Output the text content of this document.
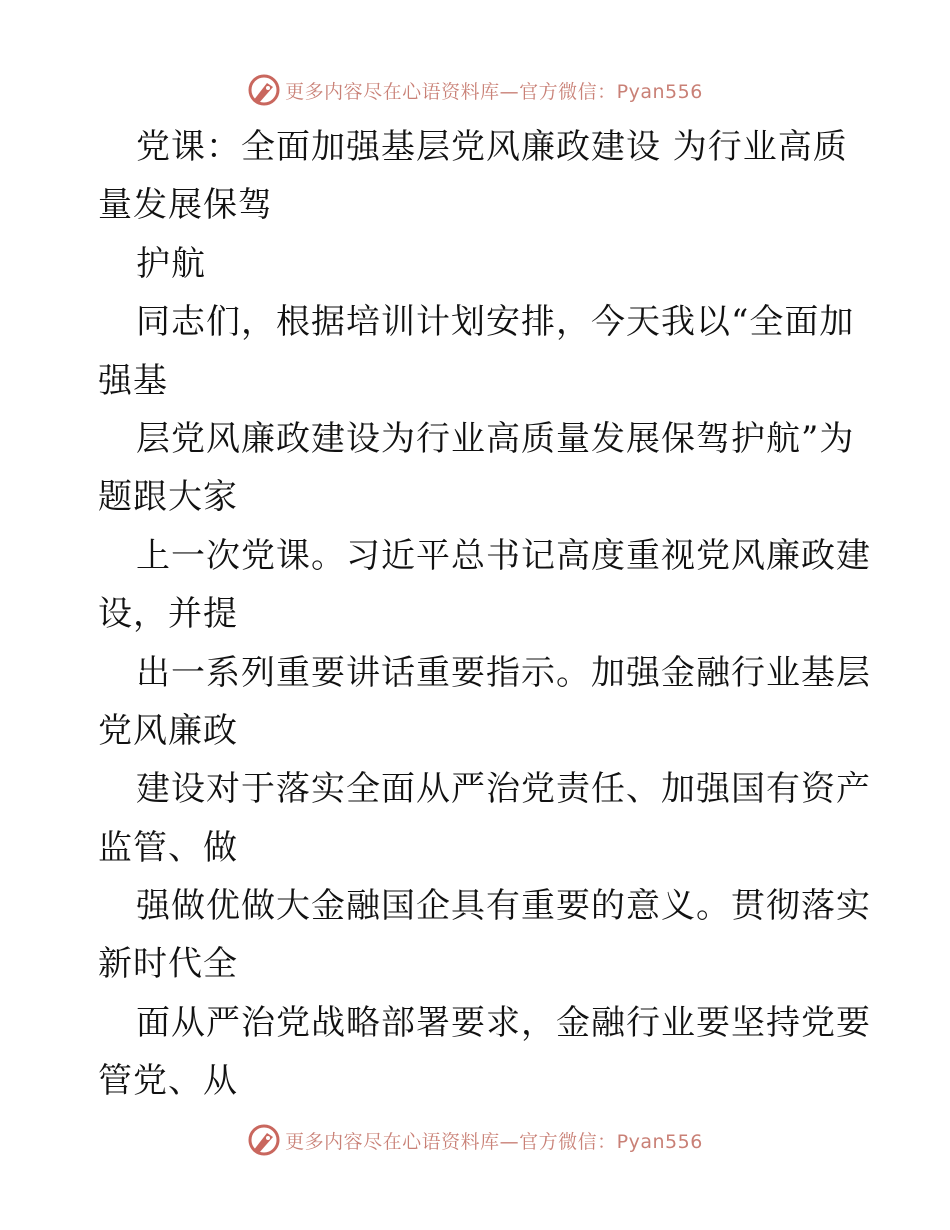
更多内容尽在心语资料库—官方微信：Pyan556
党课：全面加强基层党风廉政建设 为行业高质
量发展保驾
护航
同志们，根据培训计划安排，今天我以“全面加
强基
层党风廉政建设为行业高质量发展保驾护航”为
题跟大家
上一次党课。习近平总书记高度重视党风廉政建
设，并提
出一系列重要讲话重要指示。加强金融行业基层
党风廉政
建设对于落实全面从严治党责任、加强国有资产
监管、做
强做优做大金融国企具有重要的意义。贯彻落实
新时代全
面从严治党战略部署要求，金融行业要坚持党要
管党、从
更多内容尽在心语资料库—官方微信：Pyan556
